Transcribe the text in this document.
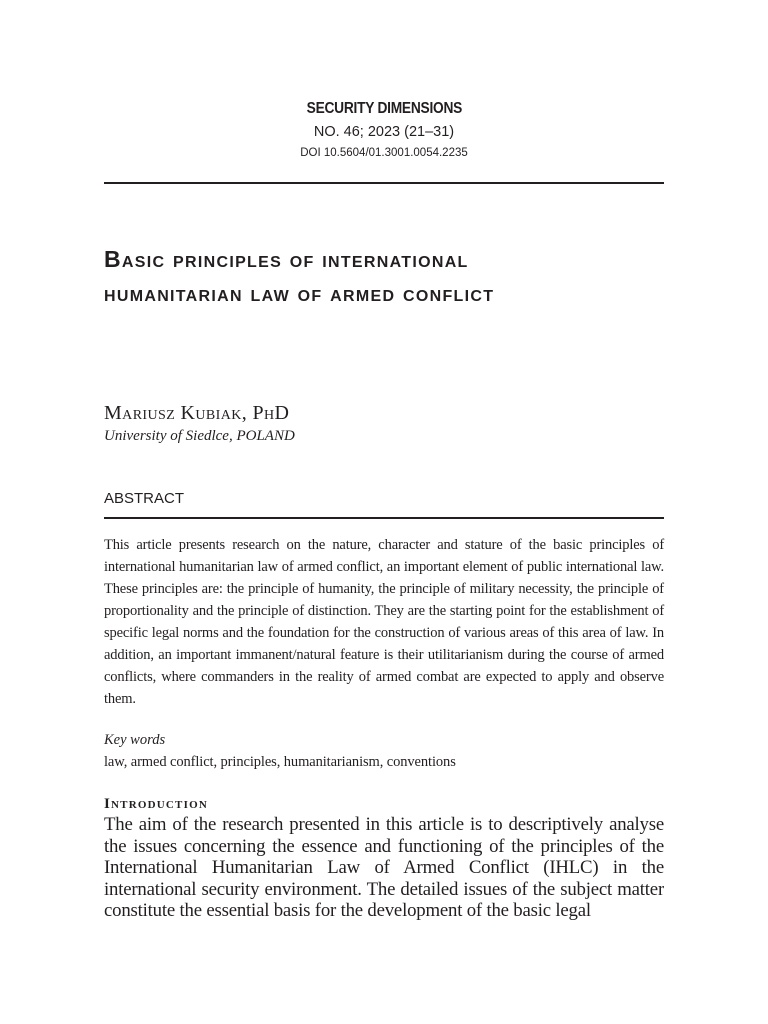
SECURITY DIMENSIONS
NO. 46; 2023 (21–31)
DOI 10.5604/01.3001.0054.2235
Basic principles of international
humanitarian law of armed conflict
Mariusz Kubiak, PhD
University of Siedlce, POLAND
ABSTRACT
This article presents research on the nature, character and stature of the basic principles of international humanitarian law of armed conflict, an important element of public international law. These principles are: the principle of humanity, the principle of military necessity, the principle of proportionality and the principle of distinction. They are the starting point for the establishment of specific legal norms and the foundation for the construction of various areas of this area of law. In addition, an important immanent/natural feature is their utilitarianism during the course of armed conflicts, where commanders in the reality of armed combat are expected to apply and observe them.
Key words
law, armed conflict, principles, humanitarianism, conventions
Introduction
The aim of the research presented in this article is to descriptively analyse the issues concerning the essence and functioning of the principles of the International Humanitarian Law of Armed Conflict (IHLC) in the international security environment. The detailed issues of the subject matter constitute the essential basis for the development of the basic legal
